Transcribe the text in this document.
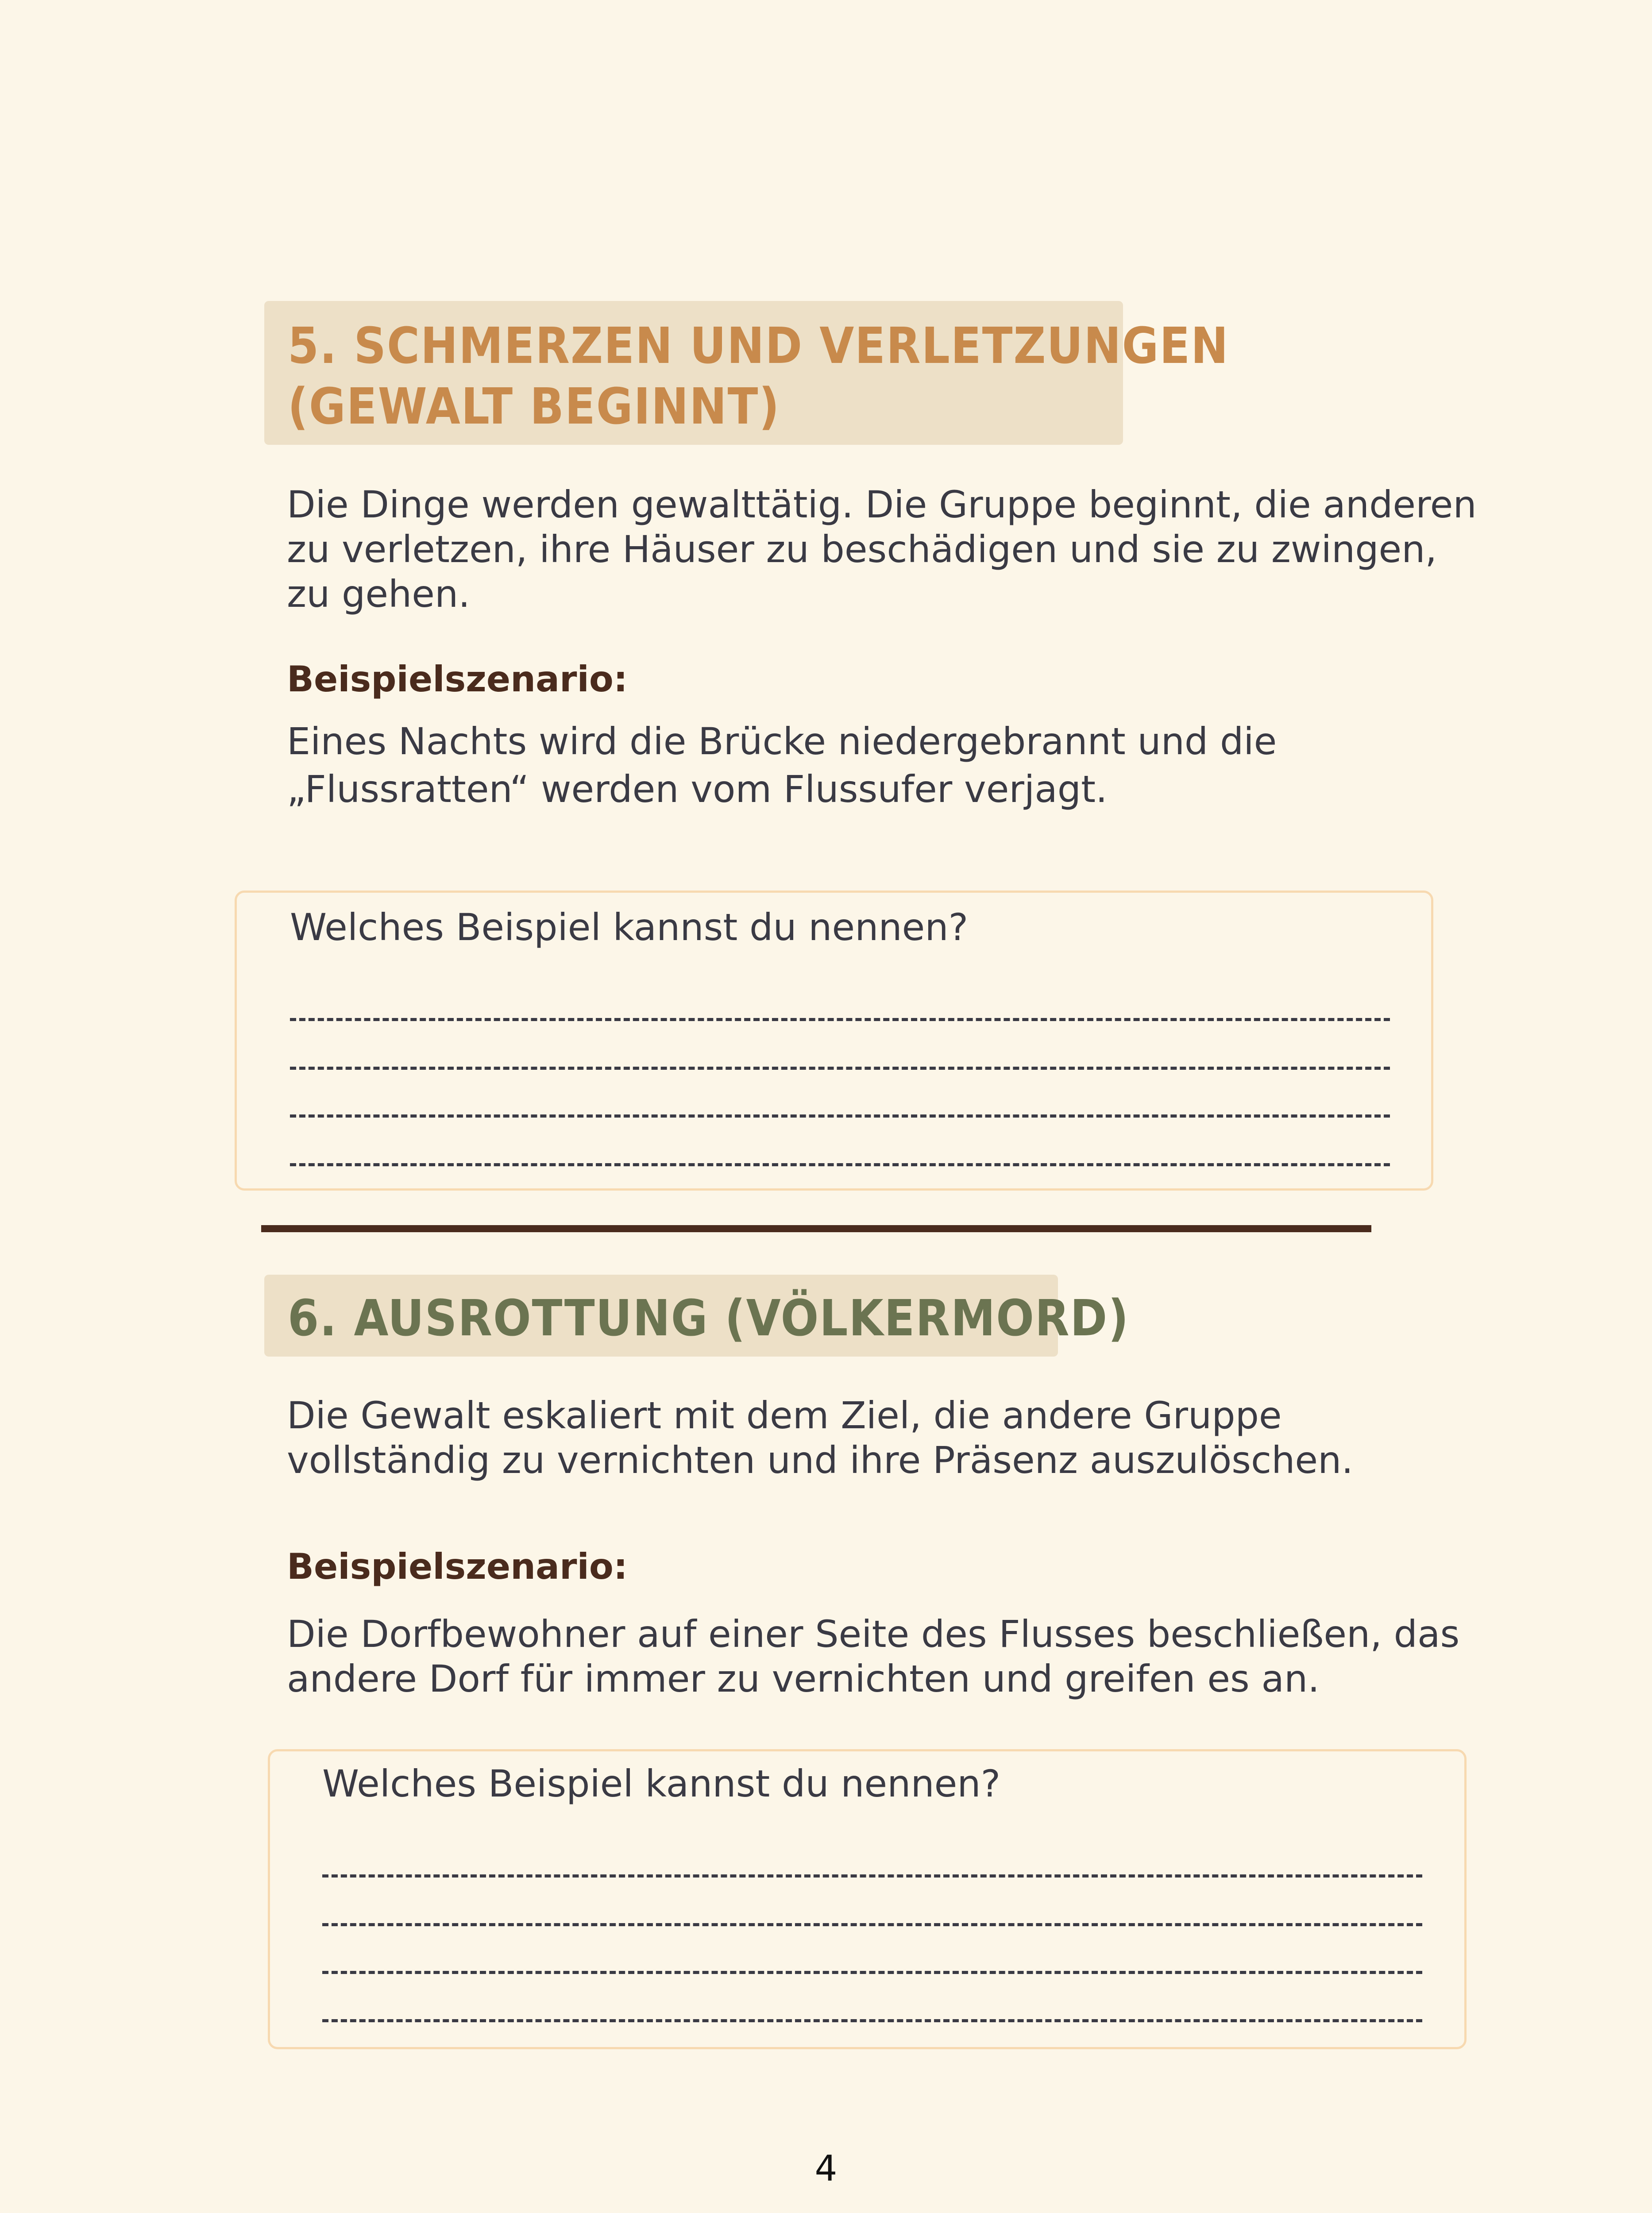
5. SCHMERZEN UND VERLETZUNGEN

(GEWALT BEGINNT)

Die Dinge werden gewalttätig. Die Gruppe beginnt, die anderen

zu verletzen, ihre Häuser zu beschädigen und sie zu zwingen,

zu gehen.

Beispielszenario:

Eines Nachts wird die Brücke niedergebrannt und die

„Flussratten“ werden vom Flussufer verjagt.

Welches Beispiel kannst du nennen?

6. AUSROTTUNG (VÖLKERMORD)

Die Gewalt eskaliert mit dem Ziel, die andere Gruppe

vollständig zu vernichten und ihre Präsenz auszulöschen.

Beispielszenario:

Die Dorfbewohner auf einer Seite des Flusses beschließen, das

andere Dorf für immer zu vernichten und greifen es an.

Welches Beispiel kannst du nennen?

4
